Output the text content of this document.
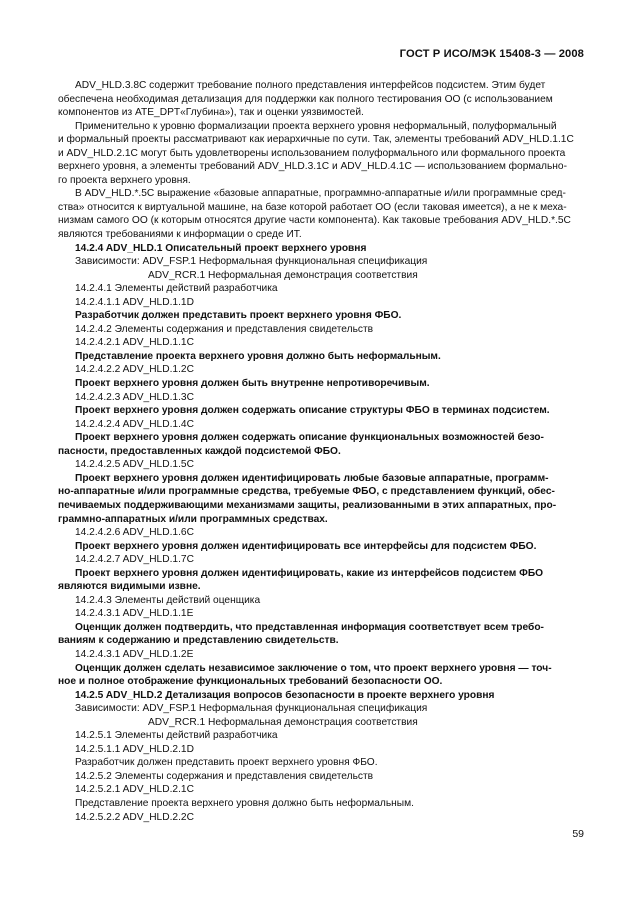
ГОСТ Р ИСО/МЭК 15408-3 — 2008
ADV_HLD.3.8C содержит требование полного представления интерфейсов подсистем. Этим будет
обеспечена необходимая детализация для поддержки как полного тестирования ОО (с использованием
компонентов из ATE_DPT«Глубина»), так и оценки уязвимостей.
Применительно к уровню формализации проекта верхнего уровня неформальный, полуформальный
и формальный проекты рассматривают как иерархичные по сути. Так, элементы требований ADV_HLD.1.1C
и ADV_HLD.2.1C могут быть удовлетворены использованием полуформального или формального проекта
верхнего уровня, а элементы требований ADV_HLD.3.1C и ADV_HLD.4.1C — использованием формально-
го проекта верхнего уровня.
В ADV_HLD.*.5C выражение «базовые аппаратные, программно-аппаратные и/или программные сред-
ства» относится к виртуальной машине, на базе которой работает ОО (если таковая имеется), а не к меха-
низмам самого ОО (к которым относятся другие части компонента). Как таковые требования ADV_HLD.*.5C
являются требованиями к информации о среде ИТ.
14.2.4 ADV_HLD.1 Описательный проект верхнего уровня
Зависимости: ADV_FSP.1 Неформальная функциональная спецификация
ADV_RCR.1 Неформальная демонстрация соответствия
14.2.4.1 Элементы действий разработчика
14.2.4.1.1 ADV_HLD.1.1D
Разработчик должен представить проект верхнего уровня ФБО.
14.2.4.2 Элементы содержания и представления свидетельств
14.2.4.2.1 ADV_HLD.1.1C
Представление проекта верхнего уровня должно быть неформальным.
14.2.4.2.2 ADV_HLD.1.2C
Проект верхнего уровня должен быть внутренне непротиворечивым.
14.2.4.2.3 ADV_HLD.1.3C
Проект верхнего уровня должен содержать описание структуры ФБО в терминах подсистем.
14.2.4.2.4 ADV_HLD.1.4C
Проект верхнего уровня должен содержать описание функциональных возможностей безо-
пасности, предоставленных каждой подсистемой ФБО.
14.2.4.2.5 ADV_HLD.1.5C
Проект верхнего уровня должен идентифицировать любые базовые аппаратные, программ-
но-аппаратные и/или программные средства, требуемые ФБО, с представлением функций, обес-
печиваемых поддерживающими механизмами защиты, реализованными в этих аппаратных, про-
граммно-аппаратных и/или программных средствах.
14.2.4.2.6 ADV_HLD.1.6C
Проект верхнего уровня должен идентифицировать все интерфейсы для подсистем ФБО.
14.2.4.2.7 ADV_HLD.1.7C
Проект верхнего уровня должен идентифицировать, какие из интерфейсов подсистем ФБО
являются видимыми извне.
14.2.4.3 Элементы действий оценщика
14.2.4.3.1 ADV_HLD.1.1E
Оценщик должен подтвердить, что представленная информация соответствует всем требо-
ваниям к содержанию и представлению свидетельств.
14.2.4.3.1 ADV_HLD.1.2E
Оценщик должен сделать независимое заключение о том, что проект верхнего уровня — точ-
ное и полное отображение функциональных требований безопасности ОО.
14.2.5 ADV_HLD.2 Детализация вопросов безопасности в проекте верхнего уровня
Зависимости: ADV_FSP.1 Неформальная функциональная спецификация
ADV_RCR.1 Неформальная демонстрация соответствия
14.2.5.1 Элементы действий разработчика
14.2.5.1.1 ADV_HLD.2.1D
Разработчик должен представить проект верхнего уровня ФБО.
14.2.5.2 Элементы содержания и представления свидетельств
14.2.5.2.1 ADV_HLD.2.1C
Представление проекта верхнего уровня должно быть неформальным.
14.2.5.2.2 ADV_HLD.2.2C
59
